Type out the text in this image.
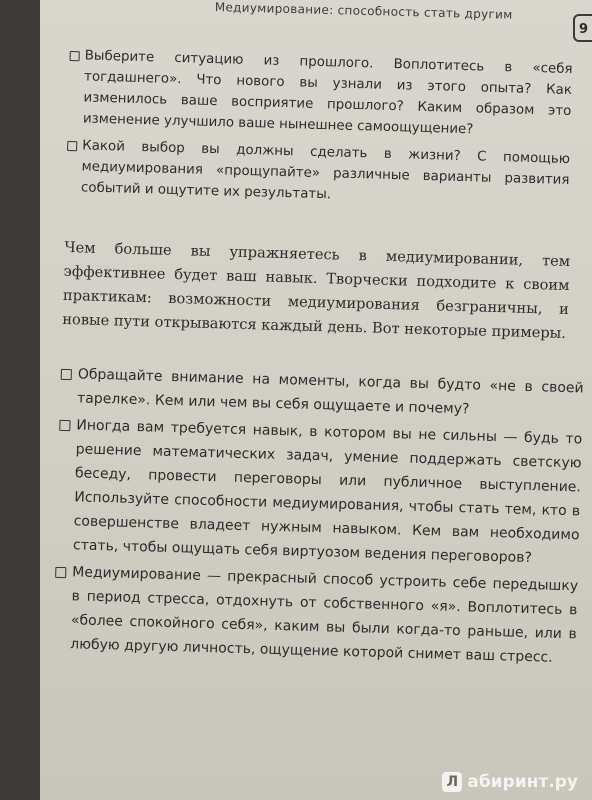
Медиумирование: способность стать другим
9
Выберите ситуацию из прошлого. Воплотитесь в «себя тогдашнего». Что нового вы узнали из этого опыта? Как изменилось ваше восприятие прошлого? Каким образом это изменение улучшило ваше нынешнее самоощущение?
Какой выбор вы должны сделать в жизни? С помощью медиумирования «прощупайте» различные варианты развития событий и ощутите их результаты.

Чем больше вы упражняетесь в медиумировании, тем эффективнее будет ваш навык. Творчески подходите к своим практикам: возможности медиумирования безграничны, и новые пути открываются каждый день. Вот некоторые примеры.

Обращайте внимание на моменты, когда вы будто «не в своей тарелке». Кем или чем вы себя ощущаете и почему?
Иногда вам требуется навык, в котором вы не сильны — будь то решение математических задач, умение поддержать светскую беседу, провести переговоры или публичное выступление. Используйте способности медиумирования, чтобы стать тем, кто в совершенстве владеет нужным навыком. Кем вам необходимо стать, чтобы ощущать себя виртуозом ведения переговоров?
Медиумирование — прекрасный способ устроить себе передышку в период стресса, отдохнуть от собственного «я». Воплотитесь в «более спокойного себя», каким вы были когда-то раньше, или в любую другую личность, ощущение которой снимет ваш стресс.
Л абиринт.ру
